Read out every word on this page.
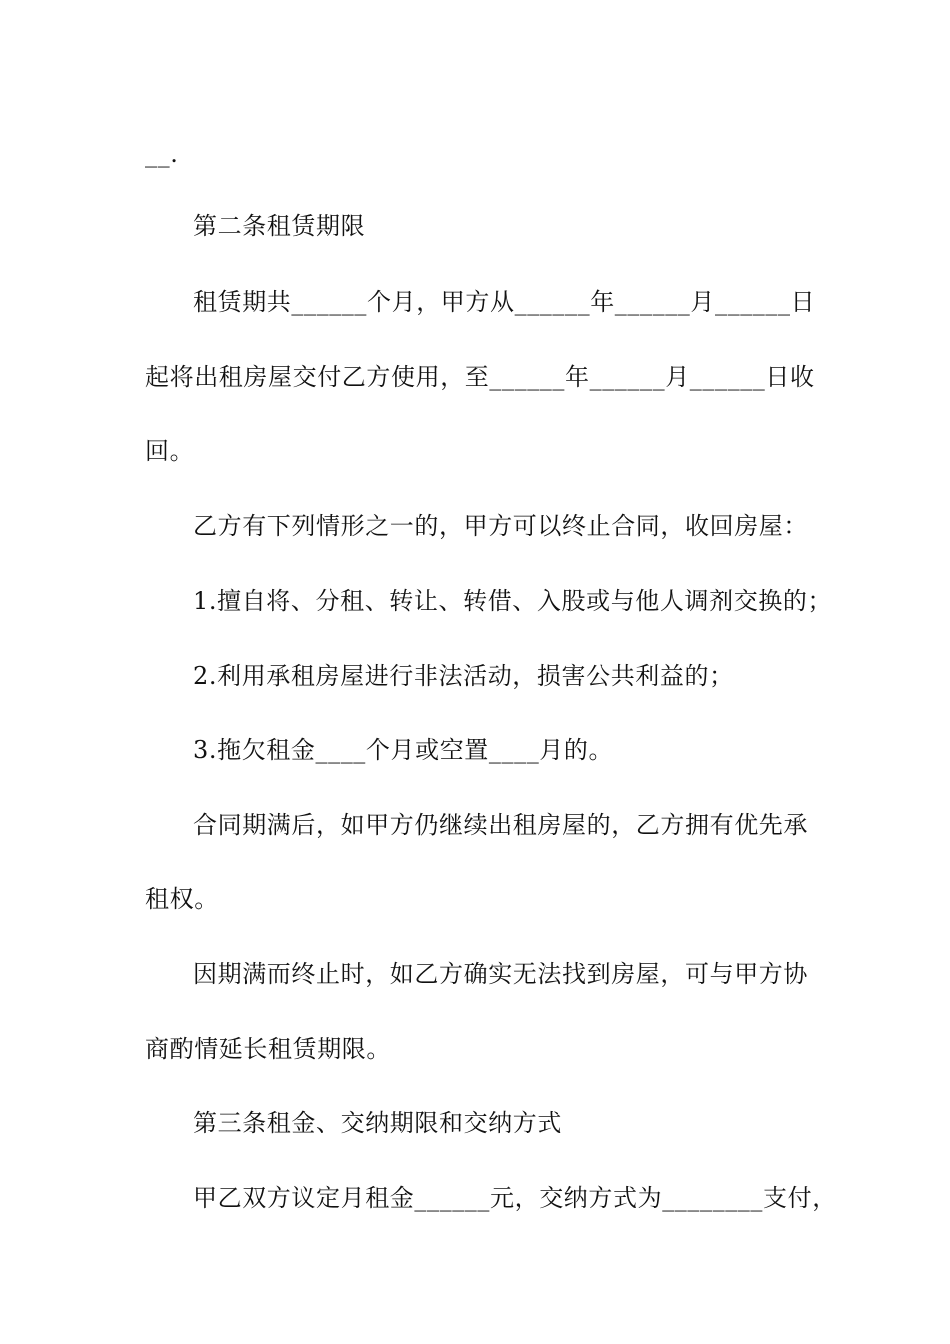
__.
第二条租赁期限
租赁期共______个月，甲方从______年______月______日
起将出租房屋交付乙方使用，至______年______月______日收
回。
乙方有下列情形之一的，甲方可以终止合同，收回房屋：
1.擅自将、分租、转让、转借、入股或与他人调剂交换的；
2.利用承租房屋进行非法活动，损害公共利益的；
3.拖欠租金____个月或空置____月的。
合同期满后，如甲方仍继续出租房屋的，乙方拥有优先承
租权。
因期满而终止时，如乙方确实无法找到房屋，可与甲方协
商酌情延长租赁期限。
第三条租金、交纳期限和交纳方式
甲乙双方议定月租金______元，交纳方式为________支付，
